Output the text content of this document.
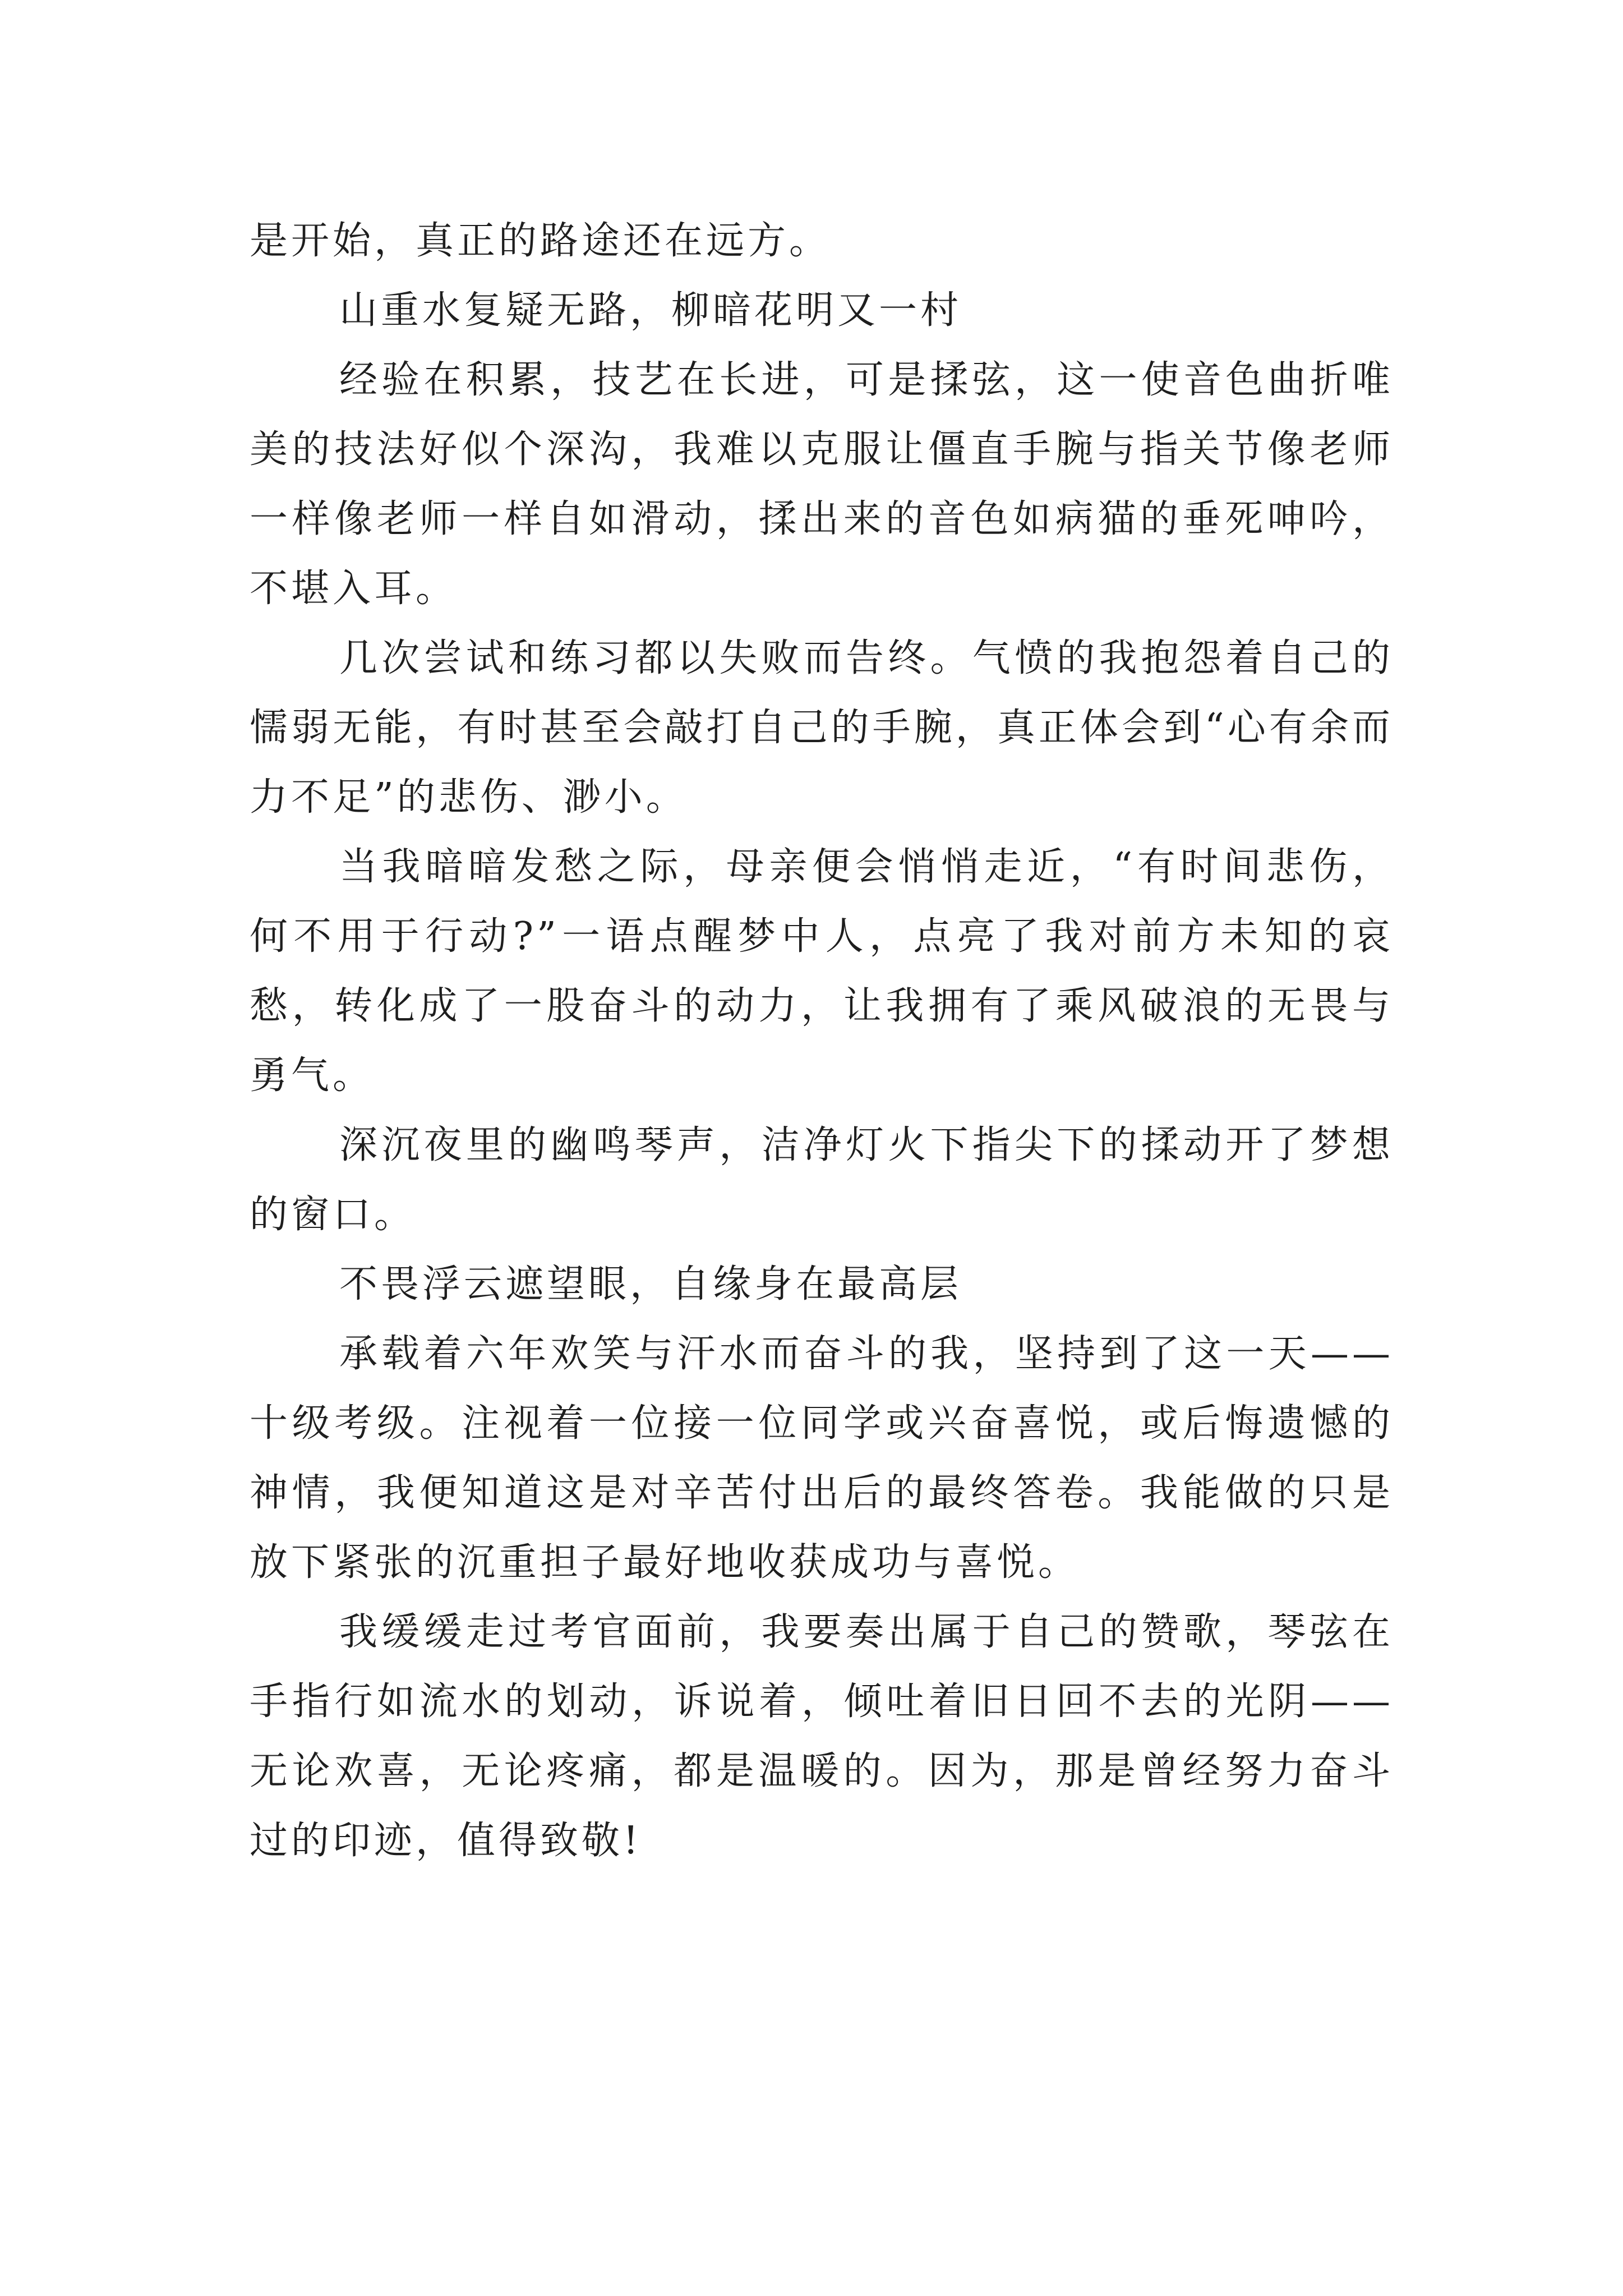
是开始，真正的路途还在远方。

山重水复疑无路，柳暗花明又一村

经验在积累，技艺在长进，可是揉弦，这一使音色曲折唯美的技法好似个深沟，我难以克服让僵直手腕与指关节像老师一样像老师一样自如滑动，揉出来的音色如病猫的垂死呻吟，不堪入耳。

几次尝试和练习都以失败而告终。气愤的我抱怨着自己的懦弱无能，有时甚至会敲打自己的手腕，真正体会到“心有余而力不足”的悲伤、渺小。

当我暗暗发愁之际，母亲便会悄悄走近，“有时间悲伤，何不用于行动?”一语点醒梦中人，点亮了我对前方未知的哀愁，转化成了一股奋斗的动力，让我拥有了乘风破浪的无畏与勇气。

深沉夜里的幽鸣琴声，洁净灯火下指尖下的揉动开了梦想的窗口。

不畏浮云遮望眼，自缘身在最高层

承载着六年欢笑与汗水而奋斗的我，坚持到了这一天——十级考级。注视着一位接一位同学或兴奋喜悦，或后悔遗憾的神情，我便知道这是对辛苦付出后的最终答卷。我能做的只是放下紧张的沉重担子最好地收获成功与喜悦。

我缓缓走过考官面前，我要奏出属于自己的赞歌，琴弦在手指行如流水的划动，诉说着，倾吐着旧日回不去的光阴——无论欢喜，无论疼痛，都是温暖的。因为，那是曾经努力奋斗过的印迹，值得致敬!
